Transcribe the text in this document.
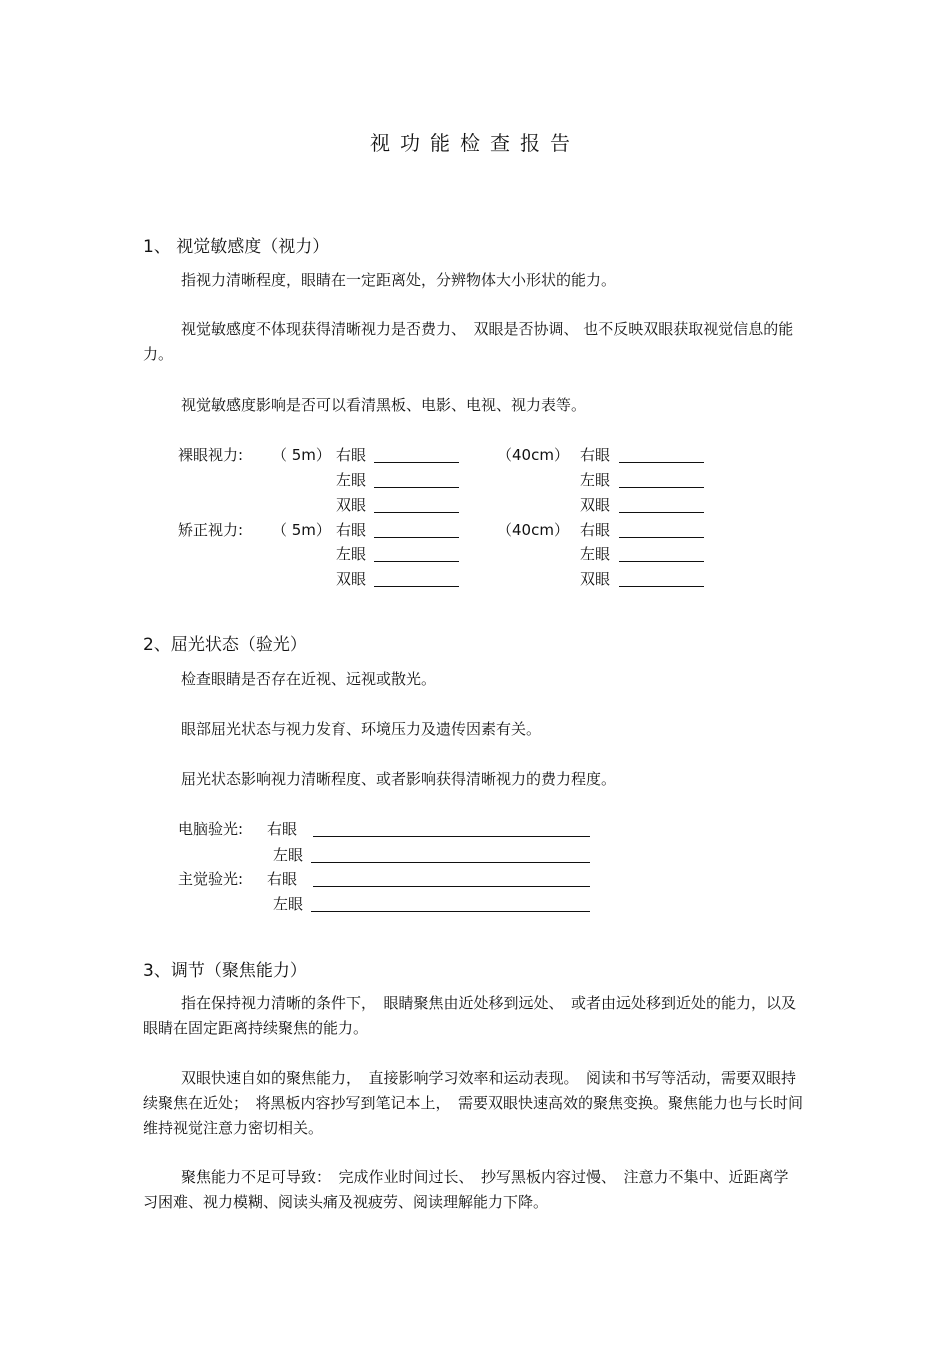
视功能检查报告
1、 视觉敏感度（视力）
指视力清晰程度，眼睛在一定距离处，分辨物体大小形状的能力。
视觉敏感度不体现获得清晰视力是否费力、　双眼是否协调、 也不反映双眼获取视觉信息的能力。
视觉敏感度影响是否可以看清黑板、电影、电视、视力表等。
裸眼视力: （ 5m）	（40cm）
右眼	右眼
左眼	左眼
双眼	双眼
矫正视力: （ 5m）	（40cm）
右眼	右眼
左眼	左眼
双眼	双眼
2、屈光状态（验光）
检查眼睛是否存在近视、远视或散光。
眼部屈光状态与视力发育、环境压力及遗传因素有关。
屈光状态影响视力清晰程度、或者影响获得清晰视力的费力程度。
电脑验光: 右眼
左眼
主觉验光: 右眼
左眼
3、调节（聚焦能力）
指在保持视力清晰的条件下，　眼睛聚焦由近处移到远处、　或者由远处移到近处的能力，以及眼睛在固定距离持续聚焦的能力。
双眼快速自如的聚焦能力，　直接影响学习效率和运动表现。　阅读和书写等活动，需要双眼持续聚焦在近处；　将黑板内容抄写到笔记本上，　需要双眼快速高效的聚焦变换。聚焦能力也与长时间维持视觉注意力密切相关。
聚焦能力不足可导致：　完成作业时间过长、　抄写黑板内容过慢、　注意力不集中、近距离学习困难、视力模糊、阅读头痛及视疲劳、阅读理解能力下降。
